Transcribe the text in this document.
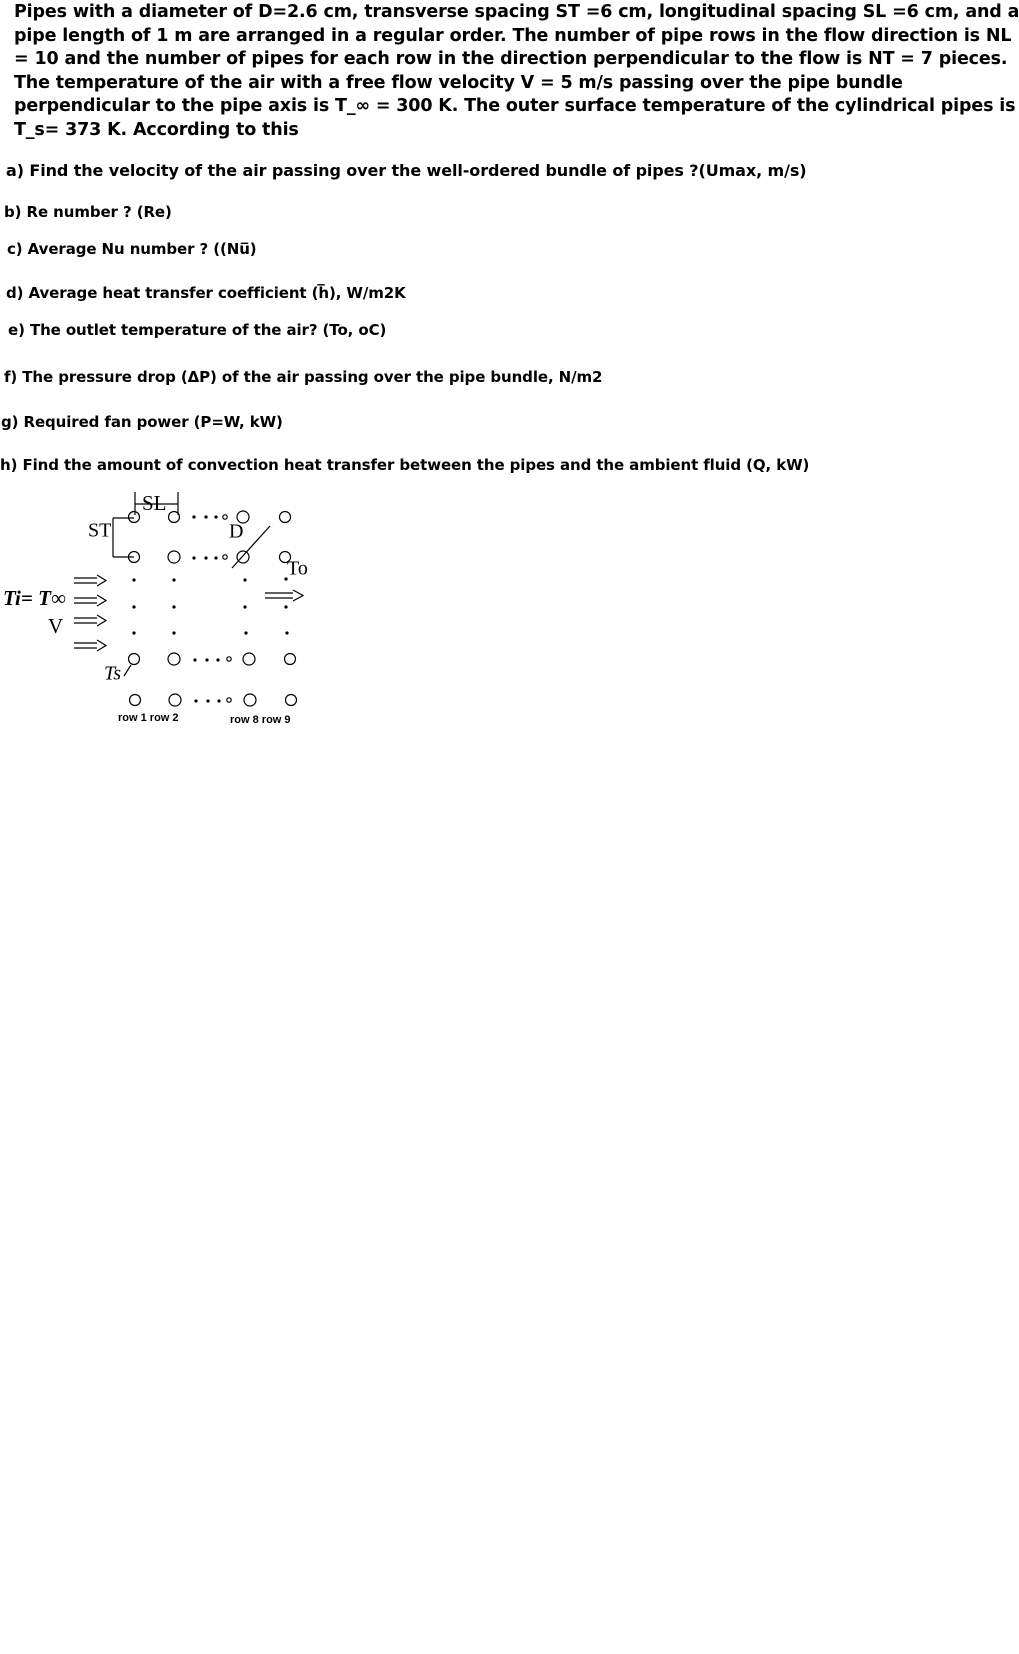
Pipes with a diameter of D=2.6 cm, transverse spacing ST =6 cm, longitudinal spacing SL =6 cm, and a
pipe length of 1 m are arranged in a regular order. The number of pipe rows in the flow direction is NL
= 10 and the number of pipes for each row in the direction perpendicular to the flow is NT = 7 pieces.
The temperature of the air with a free flow velocity V = 5 m/s passing over the pipe bundle
perpendicular to the pipe axis is T_∞ = 300 K. The outer surface temperature of the cylindrical pipes is
T_s= 373 K. According to this
a) Find the velocity of the air passing over the well-ordered bundle of pipes ?(Umax, m/s)
b) Re number ? (Re)
c) Average Nu number ? ((Nu̅)
d) Average heat transfer coefficient (h̅), W/m2K
e) The outlet temperature of the air? (To, oC)
f) The pressure drop (ΔP) of the air passing over the pipe bundle, N/m2
g) Required fan power (P=W, kW)
h) Find the amount of convection heat transfer between the pipes and the ambient fluid (Q, kW)
SL
ST	D
To
Ti= T∞
V
Ts
row 1 row 2	row 8 row 9
